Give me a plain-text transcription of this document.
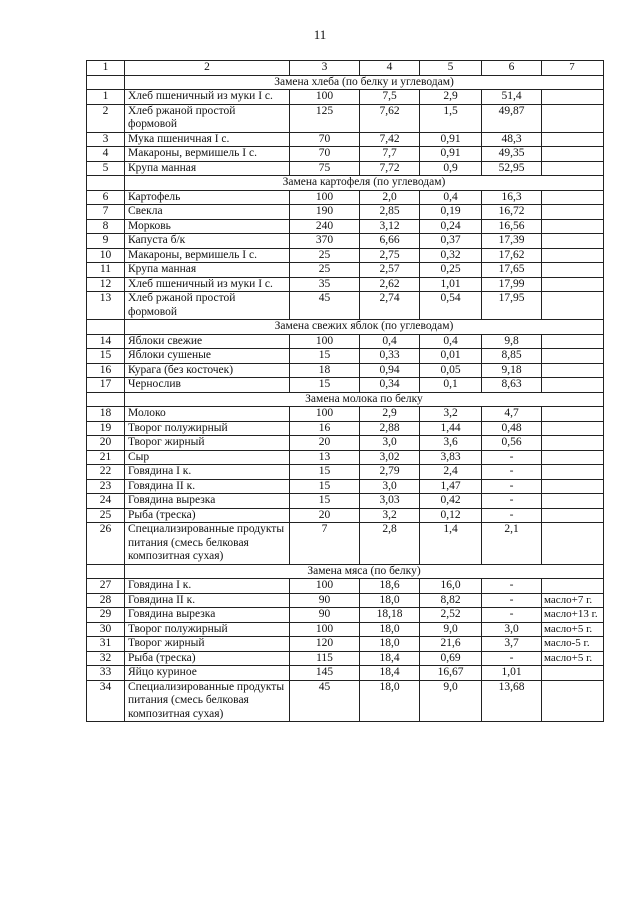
11
1	2	3	4	5	6	7
	Замена хлеба (по белку и углеводам)					
1	Хлеб пшеничный из муки I с.	100	7,5	2,9	51,4	
2	Хлеб ржаной простой формовой	125	7,62	1,5	49,87	
3	Мука пшеничная I с.	70	7,42	0,91	48,3	
4	Макароны, вермишель I с.	70	7,7	0,91	49,35	
5	Крупа манная	75	7,72	0,9	52,95	
	Замена картофеля (по углеводам)					
6	Картофель	100	2,0	0,4	16,3	
7	Свекла	190	2,85	0,19	16,72	
8	Морковь	240	3,12	0,24	16,56	
9	Капуста б/к	370	6,66	0,37	17,39	
10	Макароны, вермишель I с.	25	2,75	0,32	17,62	
11	Крупа манная	25	2,57	0,25	17,65	
12	Хлеб пшеничный из муки I с.	35	2,62	1,01	17,99	
13	Хлеб ржаной простой формовой	45	2,74	0,54	17,95	
	Замена свежих яблок (по углеводам)					
14	Яблоки свежие	100	0,4	0,4	9,8	
15	Яблоки сушеные	15	0,33	0,01	8,85	
16	Курага (без косточек)	18	0,94	0,05	9,18	
17	Чернослив	15	0,34	0,1	8,63	
	Замена молока по белку					
18	Молоко	100	2,9	3,2	4,7	
19	Творог полужирный	16	2,88	1,44	0,48	
20	Творог жирный	20	3,0	3,6	0,56	
21	Сыр	13	3,02	3,83	-	
22	Говядина I к.	15	2,79	2,4	-	
23	Говядина II к.	15	3,0	1,47	-	
24	Говядина вырезка	15	3,03	0,42	-	
25	Рыба (треска)	20	3,2	0,12	-	
26	Специализированные продукты питания (смесь белковая композитная сухая)	7	2,8	1,4	2,1	
	Замена мяса (по белку)					
27	Говядина I к.	100	18,6	16,0	-	
28	Говядина II к.	90	18,0	8,82	-	масло+7 г.
29	Говядина вырезка	90	18,18	2,52	-	масло+13 г.
30	Творог полужирный	100	18,0	9,0	3,0	масло+5 г.
31	Творог жирный	120	18,0	21,6	3,7	масло-5 г.
32	Рыба (треска)	115	18,4	0,69	-	масло+5 г.
33	Яйцо куриное	145	18,4	16,67	1,01	
34	Специализированные продукты питания (смесь белковая композитная сухая)	45	18,0	9,0	13,68	
